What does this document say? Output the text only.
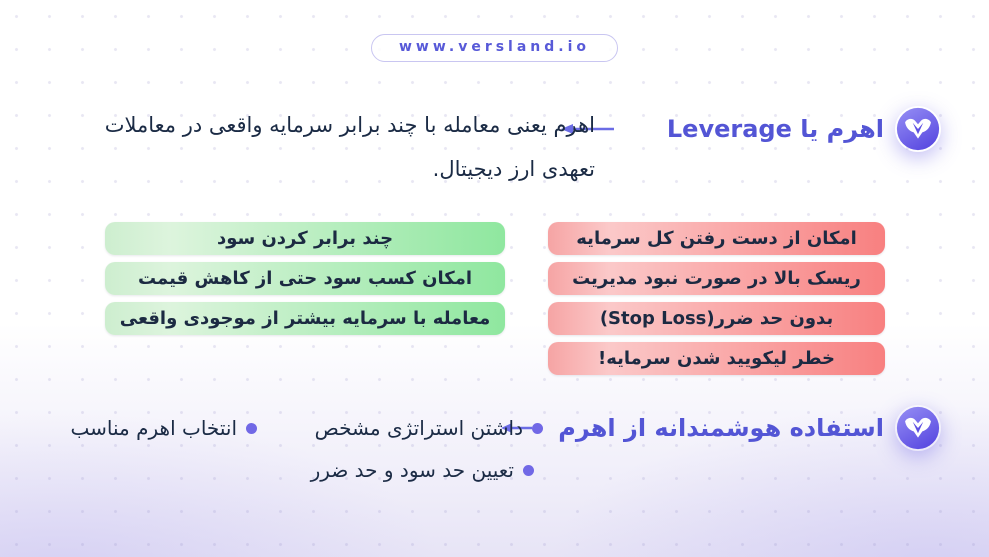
www.versland.io
اهرم یا Leverage

اهرم یعنی معامله با چند برابر سرمایه واقعی در معاملات تعهدی ارز دیجیتال.

چند برابر کردن سود
امکان کسب سود حتی از کاهش قیمت
معامله با سرمایه بیشتر از موجودی واقعی
امکان از دست رفتن کل سرمایه
ریسک بالا در صورت نبود مدیریت
بدون حد ضرر(Stop Loss)
خطر لیکویید شدن سرمایه!
استفاده هوشمندانه از اهرم
داشتن استراتژی مشخص
انتخاب اهرم مناسب
تعیین حد سود و حد ضرر
